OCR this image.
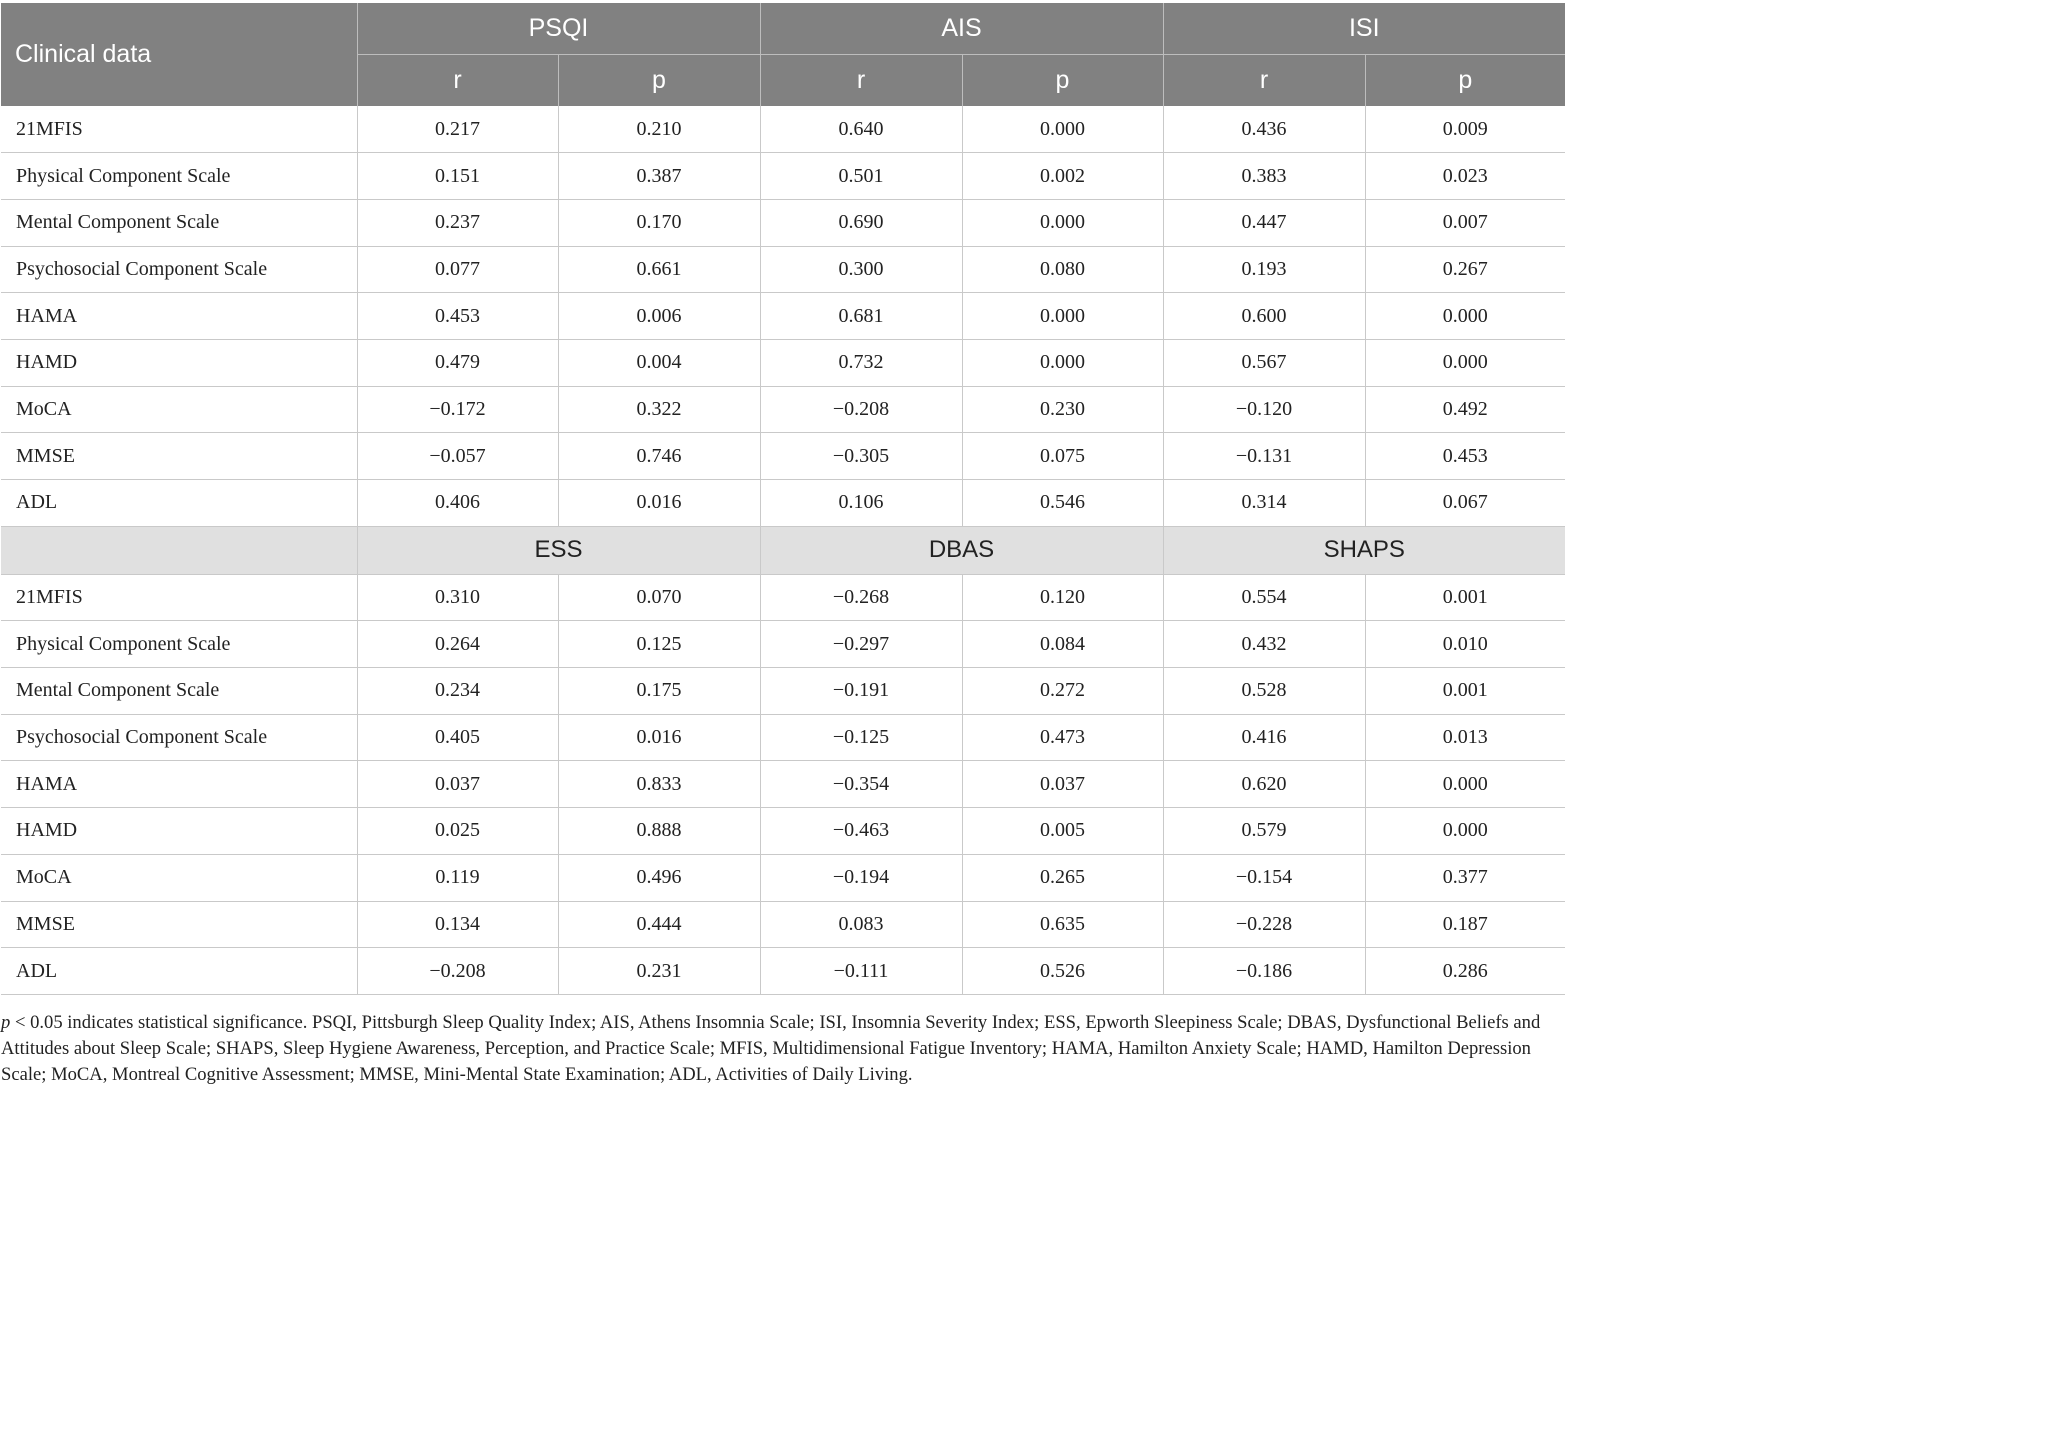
Clinical data	PSQI		AIS		ISI	
	r	p	r	p	r	p
21MFIS	0.217	0.210	0.640	0.000	0.436	0.009
Physical Component Scale	0.151	0.387	0.501	0.002	0.383	0.023
Mental Component Scale	0.237	0.170	0.690	0.000	0.447	0.007
Psychosocial Component Scale	0.077	0.661	0.300	0.080	0.193	0.267
HAMA	0.453	0.006	0.681	0.000	0.600	0.000
HAMD	0.479	0.004	0.732	0.000	0.567	0.000
MoCA	−0.172	0.322	−0.208	0.230	−0.120	0.492
MMSE	−0.057	0.746	−0.305	0.075	−0.131	0.453
ADL	0.406	0.016	0.106	0.546	0.314	0.067
	ESS		DBAS		SHAPS	
21MFIS	0.310	0.070	−0.268	0.120	0.554	0.001
Physical Component Scale	0.264	0.125	−0.297	0.084	0.432	0.010
Mental Component Scale	0.234	0.175	−0.191	0.272	0.528	0.001
Psychosocial Component Scale	0.405	0.016	−0.125	0.473	0.416	0.013
HAMA	0.037	0.833	−0.354	0.037	0.620	0.000
HAMD	0.025	0.888	−0.463	0.005	0.579	0.000
MoCA	0.119	0.496	−0.194	0.265	−0.154	0.377
MMSE	0.134	0.444	0.083	0.635	−0.228	0.187
ADL	−0.208	0.231	−0.111	0.526	−0.186	0.286
p < 0.05 indicates statistical significance. PSQI, Pittsburgh Sleep Quality Index; AIS, Athens Insomnia Scale; ISI, Insomnia Severity Index; ESS, Epworth Sleepiness Scale; DBAS, Dysfunctional Beliefs and Attitudes about Sleep Scale; SHAPS, Sleep Hygiene Awareness, Perception, and Practice Scale; MFIS, Multidimensional Fatigue Inventory; HAMA, Hamilton Anxiety Scale; HAMD, Hamilton Depression Scale; MoCA, Montreal Cognitive Assessment; MMSE, Mini-Mental State Examination; ADL, Activities of Daily Living.
